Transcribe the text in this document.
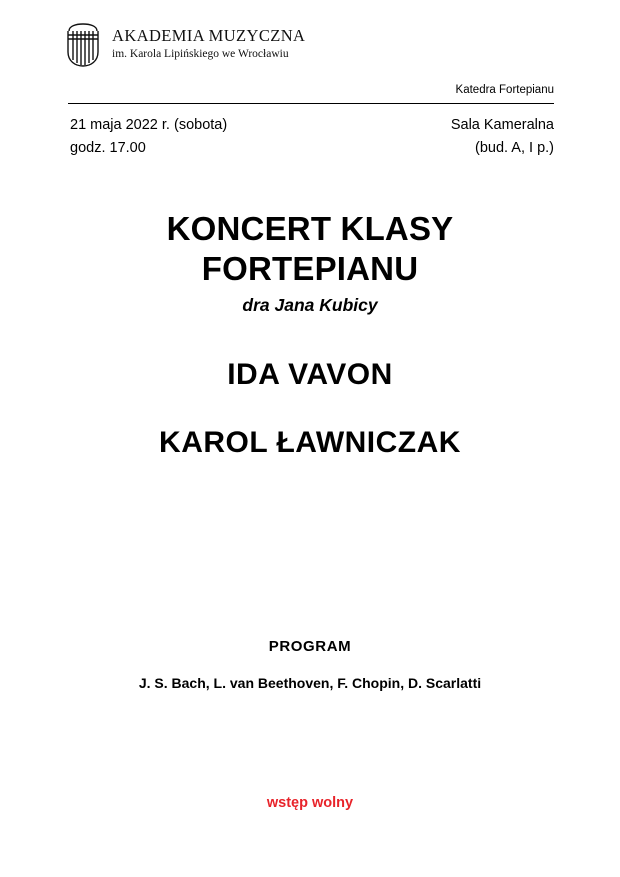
AKADEMIA MUZYCZNA
im. Karola Lipińskiego we Wrocławiu
Katedra Fortepianu
21 maja 2022 r. (sobota)
godz. 17.00
Sala Kameralna
(bud. A, I p.)
KONCERT KLASY
FORTEPIANU
dra Jana Kubicy
IDA VAVON
KAROL ŁAWNICZAK
PROGRAM
J. S. Bach, L. van Beethoven, F. Chopin, D. Scarlatti
wstęp wolny
